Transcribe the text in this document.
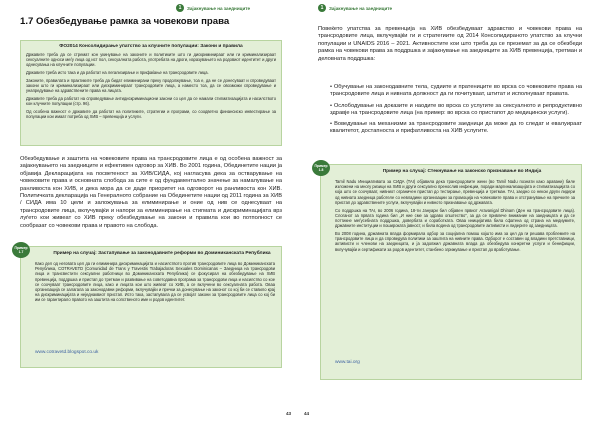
1	Зајакнување на заедниците
1.7 Обезбедување рамка за човекови права
ФО2014 Консолидирање упатство за клучните популации: Закони и правила

Државите треба да се стремат кон укинување на законите и политиките што ги дискриминираат или ги криминализираат сексуалните односи меѓу лица од ист пол, сексуалната работа, употребата на дроги, изразувањето на родовиот идентитет и други однесувања на клучните популации.

Државите треба исто така и да работат на легализирање и прифаќање на трансродовите лица.

Законите, правилата и практиките треба да бидат елиминирани преку продолжување, тоа е, да не се донесуваат и спроведуваат закони што ги криминализираат или дискриминираат трансродовите лица, а наместо тоа, да се овозможи спроведување и унапредување на здравствените права на лицата.

Државите треба да работат на спроведување антидискриминациони закони со цел да се намали стигматизацијата и насилството кон клучните популации (стр. 96).

Од особена важност е државите да работат на политиките, стратегии и програми, со соодветно финансиско инвестирање за популации кои имаат потреба од ХИВ – превенција и услуги.

Обезбедување и заштита на човековите права на трансродовите лица е од особена важност за зајакнувањето на заедниците и ефективен одговор за ХИВ. Во 2001 година, Обединетите нации ја објавија Декларацијата на посветеност за ХИВ/СИДА, кој нагласува дека за остварување на човековите права и основната слобода за сите е од фундаментално значење за намалување на ранливоста кон ХИВ, и дека мора да се даде приоритет на одговорот на ранливоста кон ХИВ. Политичката декларација на Генералното собрание на Обединетите нации од 2011 година за ХИВ / СИДА има 10 цели и заложувања за елиминирање и оние од нив се однесуваат на трансродовите лица, вклучувајќи и напори за елиминирање на стигмата и дискриминацијата врз луѓето кои живеат со ХИВ преку обезбедување на закони и правила кои во потполност се сообразат со човекови права и правото на слобода.
Пример на случај: Застапување за законодавните реформи во Доминиканската Република
Како дел од неговата цел да ги елиминира дискриминацијата и насилството против трансродовите лица во Доминиканската Република, COTRAVETD (Comunidad de Trans y Travestis Trabajadoras Sexuales Dominicanas – Заедница на трансродови лица и трансвестити сексуални работници во Доминиканската Република) се фокусирал на обезбедување на ХИВ превенција, поддршка и пристап до третман и развивање на советодавна програма за трансродови лица и насилство со кое се соочуваат трансродовите лица, како и лицата кои што живеат со ХИВ, а се вклучени во сексуалната работа. Оваа организација се залагала за законодавни реформи, вклучувајќи и пречки за донесување на законот со кој би се ставило крај на дискриминацијата и неједнаквиот пристап. Исто така, застапувала да се усвојат закони за трансродовите лица со кој би им се гарантирало правото на заштита на сопственото име и родов идентитет.
www.cotravetd.blogspot.co.uk
Пример 1.7
43
1	Зајакнување на заедниците
Повеќето упатства за превенција на ХИВ обезбедуваат здравство и човекови права на трансродовите лица, вклучувајќи ги и стратегиите од 2014 Консолидираното упатство за клучни популации и UNAIDS 2016 – 2021. Активностите кои што треба да се преземат за да се обезбеди рамка на човекови права за поддршка и зајакнување на заедниците за ХИВ превенција, третман и деловната поддршка:

• Обучување на законодавните тела, судиите и пратениците во врска со човековите права на трансродовите лица и нивната должност да ги почитуваат, штитат и исполнуваат правата.

• Ослободување на доказите и наодите во врска со услугите за сексуалното и репродуктивно здравје на трансродовите лица (на пример: во врска со пристапот до медицински услуги).

• Воведување на механизми за трансродовите заедници да може да го следат и евалуираат квалитетот, достапноста и прифатливоста на ХИВ услугите.

Пример на случај: Стекнување на законско признавање во Индија

Tamil Nadu Инициативата за СИДА (TAI) објавила дека трансродовите жени (во Tamil Nadu познати како аравани) биле изложени на многу ризици на ХИВ и други сексуално пренослив инфекции, поради маргинализацијата и стигматизацијата со која што се соочуваат, нивниот ограничен пристап до тестирање, превенција и третман. TAI, заедно со некои други лидери од нивната заедница работеле со невладини организации за промоција на човековите права и отстранување на пречките за пристап до здравствените услуги, вклучувајќи и нивното признавање од државата.

Со поддршка на TAI, во 2006 година, 18-ти Јануари бил објавен првиот Aravanigal Dhinam (Ден на трансродовите лица). Слоганот за првата година бил „И ние сме за здраво општество“, за да се привлече внимание на заедницата и да се поттикне меѓусебната поддршка, довербата и соработката. Оваа иницијатива била сфатена од страна на медиумите, државните институции и пошироката јавност, и била водена од трансродовите активисти и лидерите од заедницата.

Во 2008 година, државната влада формирала одбор за социјална помош којшто има за цел да ги решава проблемите на трансродовите лица и да спроведува политики за заштита на нивните права. Одборот е составен од владини претставници, активисти и членови на заедницата, и ја задолжил државната влада да обезбедува конкретни услуги и бенефиции, вклучувајќи и сертификати за родов идентитет, станбено згрижување и пристап до вработување.

www.tai.org
Пример 1.8
44
